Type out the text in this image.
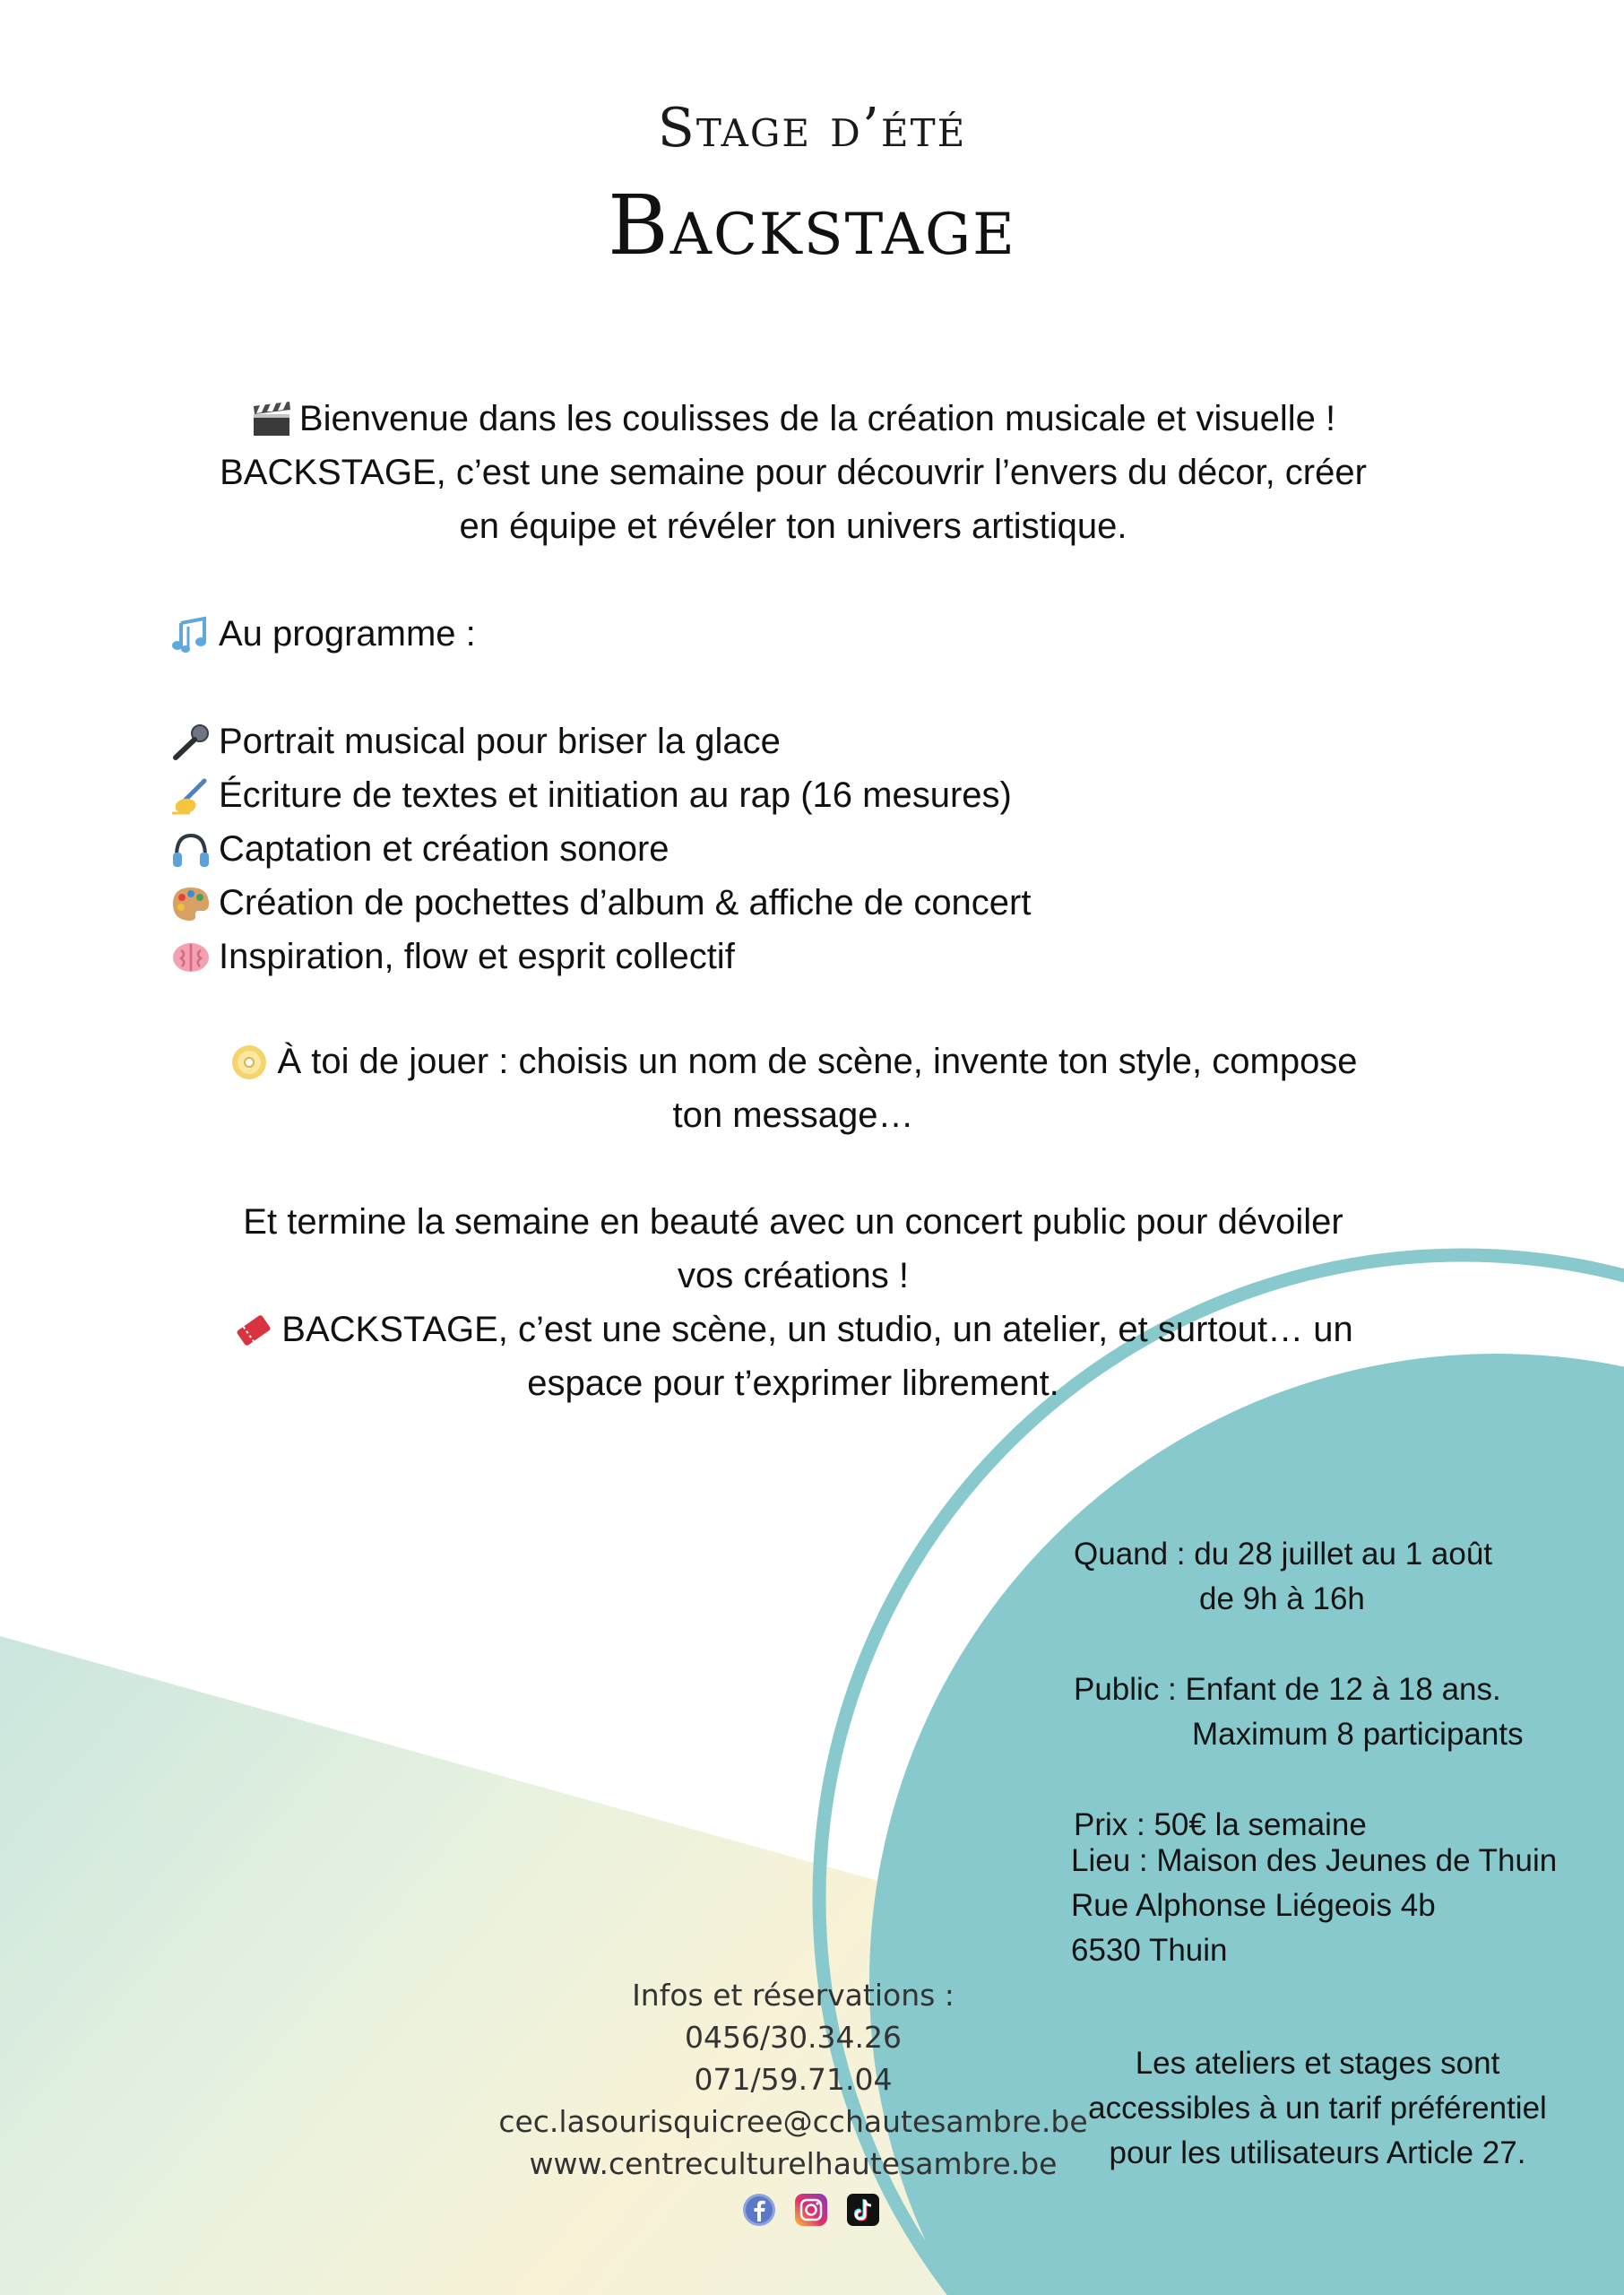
Stage d’été
Backstage
Bienvenue dans les coulisses de la création musicale et visuelle !
BACKSTAGE, c’est une semaine pour découvrir l’envers du décor, créer
en équipe et révéler ton univers artistique.
Au programme :
Portrait musical pour briser la glace
Écriture de textes et initiation au rap (16 mesures)
Captation et création sonore
Création de pochettes d’album & affiche de concert
Inspiration, flow et esprit collectif
À toi de jouer : choisis un nom de scène, invente ton style, compose
ton message…
Et termine la semaine en beauté avec un concert public pour dévoiler
vos créations !
BACKSTAGE, c’est une scène, un studio, un atelier, et surtout… un
espace pour t’exprimer librement.
Quand : du 28 juillet au 1 août
de 9h à 16h
Public : Enfant de 12 à 18 ans.
Maximum 8 participants
Prix : 50€ la semaine
Lieu : Maison des Jeunes de Thuin
Rue Alphonse Liégeois 4b
6530 Thuin
Les ateliers et stages sont
accessibles à un tarif préférentiel
pour les utilisateurs Article 27.
Infos et réservations :
0456/30.34.26
071/59.71.04
cec.lasourisquicree@cchautesambre.be
www.centreculturelhautesambre.be
